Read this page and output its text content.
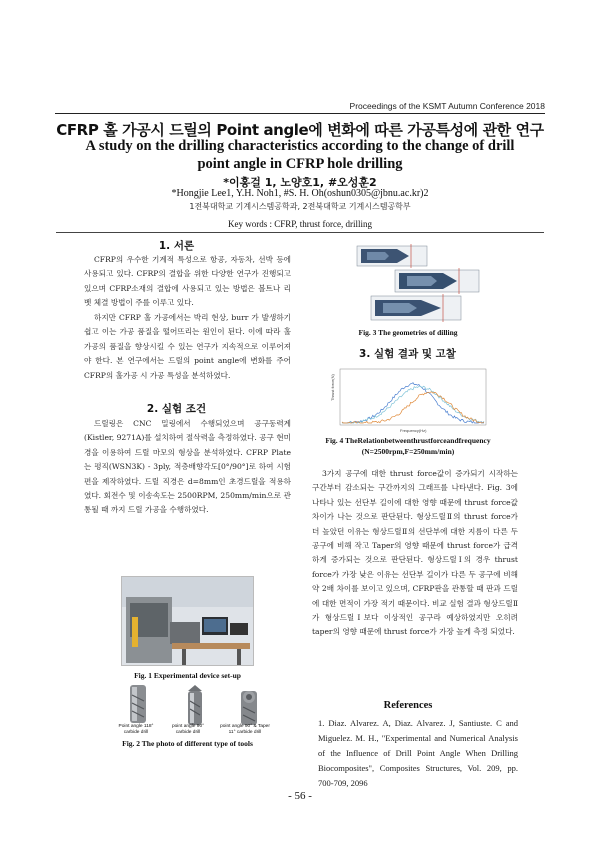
Proceedings of the KSMT Autumn Conference 2018
CFRP 홀 가공시 드릴의 Point angle에 변화에 따른 가공특성에 관한 연구
A study on the drilling characteristics according to the change of drill point angle in CFRP hole drilling
*이홍걸 1, 노양호1, #오성훈2
*Hongjie Lee1, Y.H. Noh1, #S. H. Oh(oshun0305@jbnu.ac.kr)2
1전북대학교 기계시스템공학과, 2전북대학교 기계시스템공학부
Key words : CFRP, thrust force, drilling
1. 서론
CFRP의 우수한 기계적 특성으로 항공, 자동차, 선박 등에 사용되고 있다. CFRP의 결합을 위한 다양한 연구가 진행되고 있으며 CFRP소재의 결합에 사용되고 있는 방법은 볼트나 리벳 체결 방법이 주를 이루고 있다.
하지만 CFRP 홀 가공에서는 박리 현상, burr 가 발생하기 쉽고 이는 가공 품질을 떨어뜨리는 원인이 된다. 이에 따라 홀 가공의 품질을 향상시킬 수 있는 연구가 지속적으로 이루어져야 한다. 본 연구에서는 드릴의 point angle에 변화를 주어 CFRP의 홀가공 시 가공 특성을 분석하였다.
2. 실험 조건
드릴링은 CNC 밀링에서 수행되었으며 공구동력계(Kistler, 9271A)를 설치하여 절삭력을 측정하였다. 공구 현미경을 이용하여 드릴 마모의 형상을 분석하였다. CFRP Plate는 평직(WSN3K) - 3ply, 적층배향각도[0°/90°]로 하여 시험편을 제작하였다. 드릴 직경은 d=8mm인 초경드릴을 적용하였다. 회전수 및 이송속도는 2500RPM, 250mm/min으로 관통될 때 까지 드릴 가공을 수행하였다.
Fig. 1 Experimental device set-up
Point angle 118° carbide drill
point angle 90° carbide drill
point angle 90° & Taper 11° carbide drill
Fig. 2 The photo of different type of tools
Fig. 3 The geometries of dilling
3. 실험 결과 및 고찰
Thrust force(N)
Frequency(Hz)
Fig. 4 TheRelationbetweenthrustforceandfrequency
(N=2500rpm,F=250mm/min)
3가지 공구에 대한 thrust force값이 증가되기 시작하는 구간부터 감소되는 구간까지의 그래프를 나타낸다. Fig. 3에 나타나 있는 선단부 길이에 대한 영향 때문에 thrust force값 차이가 나는 것으로 판단된다. 형상드릴Ⅱ의 thrust force가 더 높았던 이유는 형상드릴Ⅱ의 선단부에 대한 지름이 다른 두 공구에 비해 작고 Taper의 영향 때문에 thrust force가 급격하게 증가되는 것으로 판단된다. 형상드릴Ⅰ의 경우 thrust force가 가장 낮은 이유는 선단부 길이가 다른 두 공구에 비해 약 2배 차이를 보이고 있으며, CFRP판을 관통할 때 판과 드릴에 대한 면적이 가장 적기 때문이다. 비교 실험 결과 형상드릴Ⅱ가 형상드릴Ⅰ보다 이상적인 공구라 예상하였지만 오히려 taper의 영향 때문에 thrust force가 가장 높게 측정 되었다.
References
1. Diaz. Alvarez. A, Diaz. Alvarez. J, Santiuste. C and Miguelez. M. H., "Experimental and Numerical Analysis of the Influence of Drill Point Angle When Drilling Biocomposites", Composites Structures, Vol. 209, pp. 700-709, 2096
- 56 -
